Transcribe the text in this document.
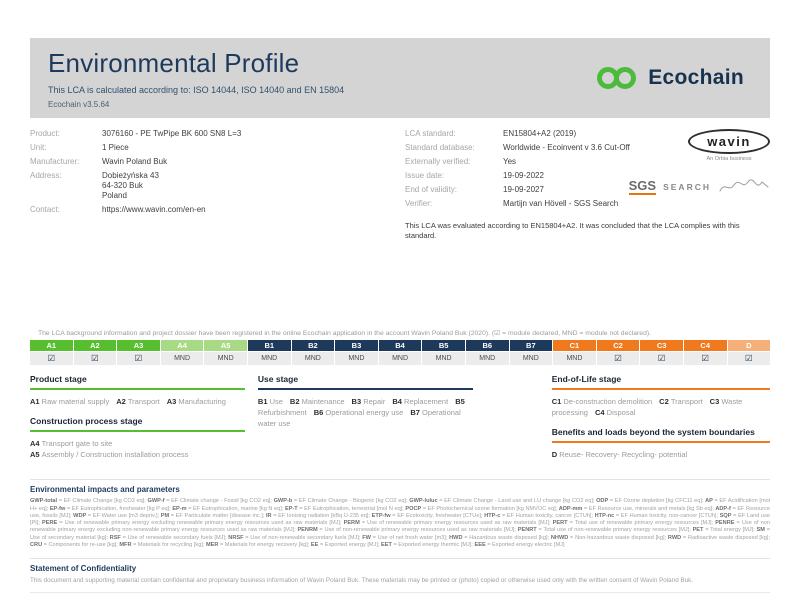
Environmental Profile
This LCA is calculated according to: ISO 14044, ISO 14040 and EN 15804
Ecochain v3.5.64
Ecochain
Product:	3076160 - PE TwPipe BK 600 SN8 L=3
Unit:	1 Piece
Manufacturer:	Wavin Poland Buk
Address:	Dobieżyńska 43
64-320 Buk
Poland
Contact:	https://www.wavin.com/en-en
LCA standard:	EN15804+A2 (2019)
Standard database:	Worldwide - Ecoinvent v 3.6 Cut-Off
Externally verified:	Yes
Issue date:	19-09-2022
End of validity:	19-09-2027
Verifier:	Martijn van Hövell - SGS Search
wavin
An Orbia business
SGS SEARCH
This LCA was evaluated according to EN15804+A2. It was concluded that the LCA complies with this standard.
The LCA background information and project dossier have been registered in the online Ecochain application in the account Wavin Poland Buk (2020). (☑ = module declared, MND = module not declared).
A1	A2	A3	A4	A5	B1	B2	B3	B4	B5	B6	B7	C1	C2	C3	C4	D
☑	☑	☑	MND	MND	MND	MND	MND	MND	MND	MND	MND	MND	☑	☑	☑	☑
Product stage
A1 Raw material supply A2 Transport A3 Manufacturing
Construction process stage
A4 Transport gate to site
A5 Assembly / Construction installation process
Use stage
B1 Use B2 Maintenance B3 Repair B4 Replacement B5 Refurbishment B6 Operational energy use B7 Operational water use
End-of-Life stage
C1 De-construction demolition C2 Transport C3 Waste processing C4 Disposal
Benefits and loads beyond the system boundaries
D Reuse- Recovery- Recycling- potential
Environmental impacts and parameters
GWP-total = EF Climate Change [kg CO2 eq]; GWP-f = EF Climate change - Fossil [kg CO2 eq]; GWP-b = EF Climate Change - Biogenic [kg CO2 eq]; GWP-luluc = EF Climate Change - Land use and LU change [kg CO2 eq]; ODP = EF Ozone depletion [kg CFC11 eq]; AP = EF Acidification [mol H+ eq]; EP-fw = EF Eutrophication, freshwater [kg P eq]; EP-m = EF Eutrophication, marine [kg N eq]; EP-T = EF Eutrophication, terrestrial [mol N eq]; POCP = EF Photochemical ozone formation [kg NMVOC eq]; ADP-mm = EF Resource use, minerals and metals [kg Sb eq]; ADP-f = EF Resource use, fossils [MJ]; WDP = EF Water use [m3 depriv.]; PM = EF Particulate matter [disease inc.]; IR = EF Ionising radiation [kBq U-235 eq]; ETP-fw = EF Ecotoxicity, freshwater [CTUe]; HTP-c = EF Human toxicity, cancer [CTUh]; HTP-nc = EF Human toxicity, non-cancer [CTUh]; SQP = EF Land use [Pt]; PERE = Use of renewable primary energy excluding renewable primary energy resources used as raw materials [MJ]; PERM = Use of renewable primary energy resources used as raw materials [MJ]; PERT = Total use of renewable primary energy resources [MJ]; PENRE = Use of non renewable primary energy excluding non-renewable primary energy resources used as raw materials [MJ]; PENRM = Use of non-renewable primary energy resources used as raw materials [MJ]; PENRT = Total use of non-renewable primary energy resources [MJ]; PET = Total energy [MJ]; SM = Use of secondary material [kg]; RSF = Use of renewable secondary fuels [MJ]; NRSF = Use of non-renewable secondary fuels [MJ]; FW = Use of net fresh water [m3]; HWD = Hazardous waste disposed [kg]; NHWD = Non-hazardous waste disposed [kg]; RWD = Radioactive waste disposed [kg]; CRU = Components for re-use [kg]; MFR = Materials for recycling [kg]; MER = Materials for energy recovery [kg]; EE = Exported energy [MJ]; EET = Exported energy thermic [MJ]; EEE = Exported energy electric [MJ]
Statement of Confidentiality
This document and supporting material contain confidential and proprietary business information of Wavin Poland Buk. These materials may be printed or (photo) copied or otherwise used only with the written consent of Wavin Poland Buk.
